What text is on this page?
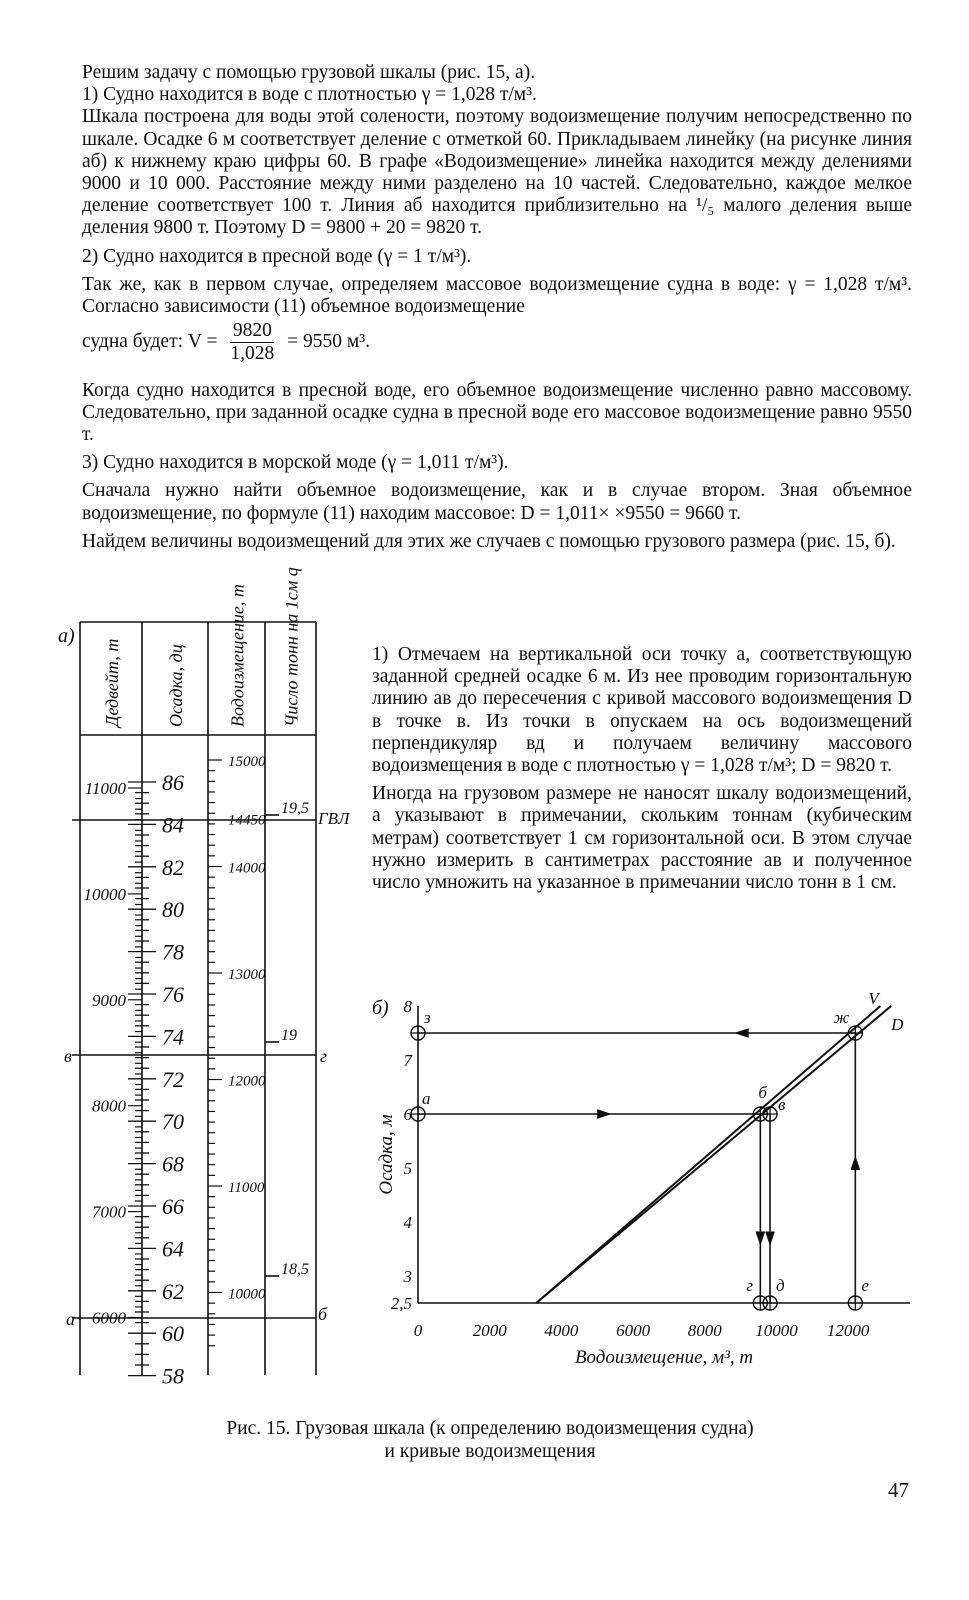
Решим задачу с помощью грузовой шкалы (рис. 15, а).

1) Судно находится в воде с плотностью γ = 1,028 т/м³.

Шкала построена для воды этой солености, поэтому водоизмещение получим непосредственно по шкале. Осадке 6 м соответствует деление с отметкой 60. Прикладываем линейку (на рисунке линия аб) к нижнему краю цифры 60. В графе «Водоизмещение» линейка находится между делениями 9000 и 10 000. Расстояние между ними разделено на 10 частей. Следовательно, каждое мелкое деление соответствует 100 т. Линия аб находится приблизительно на ¹/₅ малого деления выше деления 9800 т. Поэтому D = 9800 + 20 = 9820 т.

2) Судно находится в пресной воде (γ = 1 т/м³).

Так же, как в первом случае, определяем массовое водоизмещение судна в воде: γ = 1,028 т/м³. Согласно зависимости (11) объемное водоизмещение

судна будет: $V = \frac{9820}{1,028} = 9550$ м³.

Когда судно находится в пресной воде, его объемное водоизмещение численно равно массовому. Следовательно, при заданной осадке судна в пресной воде его массовое водоизмещение равно 9550 т.

3) Судно находится в морской моде (γ = 1,011 т/м³).

Сначала нужно найти объемное водоизмещение, как и в случае втором. Зная объемное водоизмещение, по формуле (11) находим массовое: D = 1,011× ×9550 = 9660 т.

Найдем величины водоизмещений для этих же случаев с помощью грузового размера (рис. 15, б).

1) Отмечаем на вертикальной оси точку а, соответствующую заданной средней осадке 6 м. Из нее проводим горизонтальную линию ав до пересечения с кривой массового водоизмещения D в точке в. Из точки в опускаем на ось водоизмещений перпендикуляр вд и получаем величину массового водоизмещения в воде с плотностью γ = 1,028 т/м³; D = 9820 т.

Иногда на грузовом размере не наносят шкалу водоизмещений, а указывают в примечании, скольким тоннам (кубическим метрам) соответствует 1 см горизонтальной оси. В этом случае нужно измерить в сантиметрах расстояние ав и полученное число умножить на указанное в примечании число тонн в 1 см.

а)
Дедвейт, т Осадка, дц Водоизмещение, т Число тонн на 1см q
86
84
82
80
78
76
74
72
70
68
66
64
62
60
58
11000
10000
9000
8000
7000
6000
15000
14450
14000
13000
12000
11000
10000
19,5
19
18,5
ГВЛ
в	г
а	б
б)
2,5
3
4
5
6
7
8
0	2000 4000 6000 8000 10000 12000
Водоизмещение, м³, т
Осадка, м
V
D
а	б
в
з	ж
г д	е
Рис. 15. Грузовая шкала (к определению водоизмещения судна)
и кривые водоизмещения
47
